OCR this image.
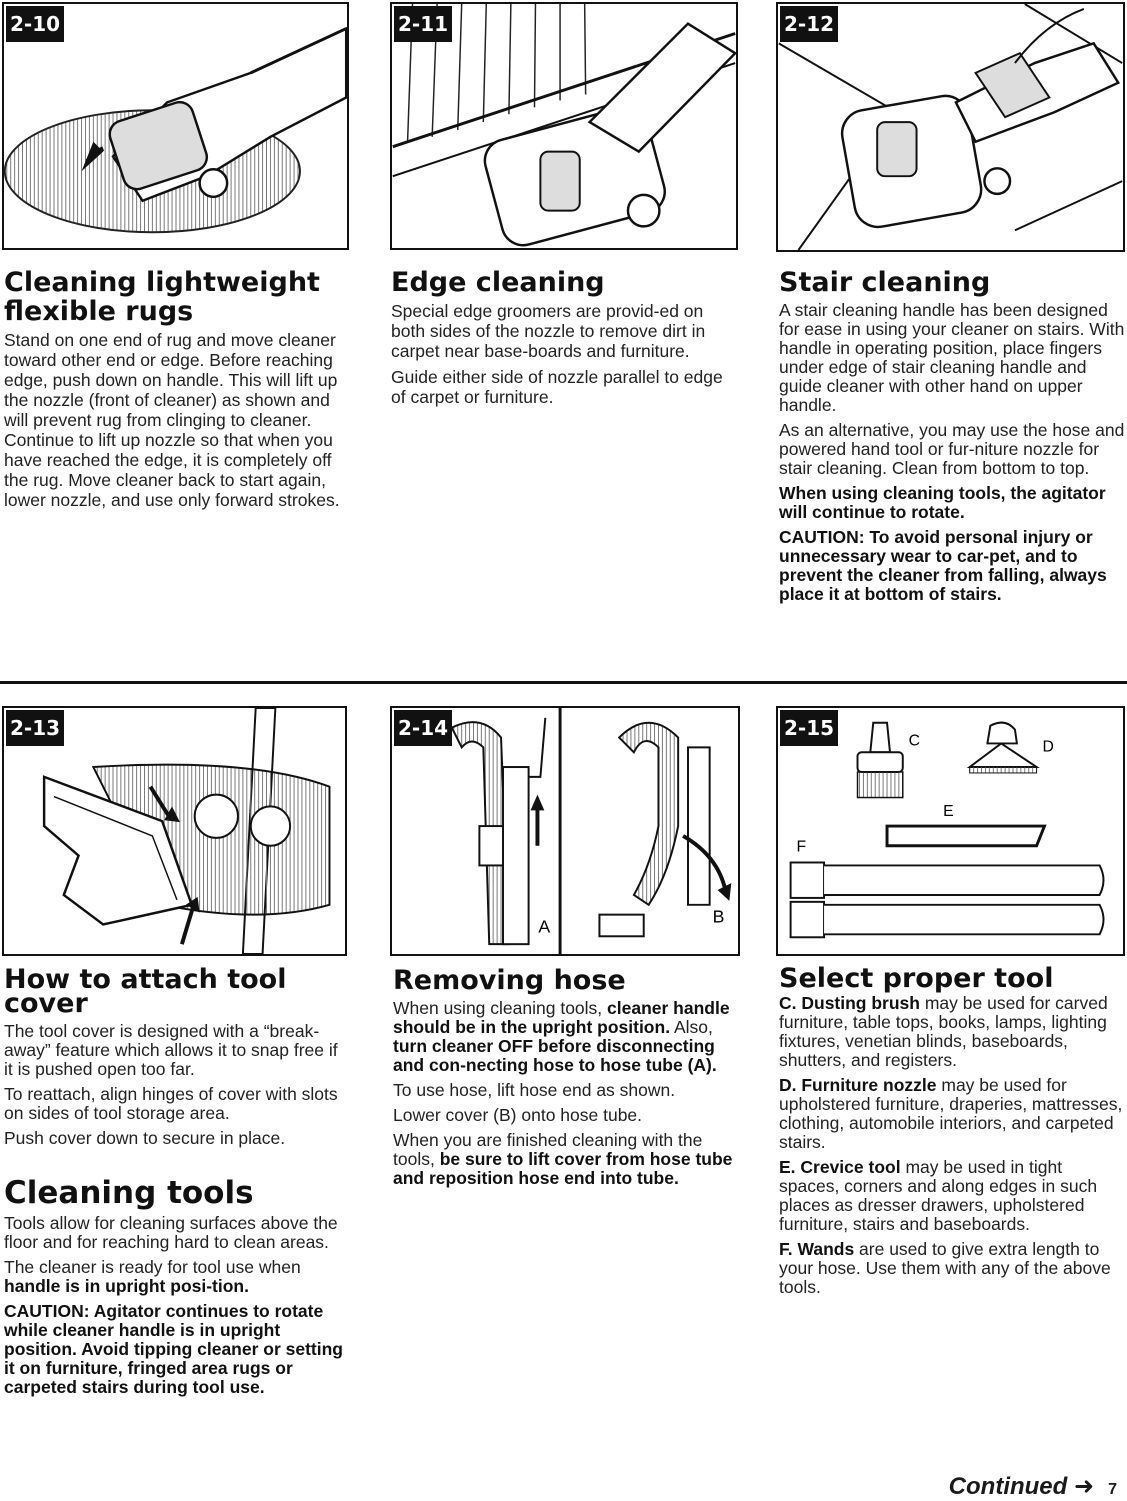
2-10	2-11	2-12
Cleaning lightweight flexible rugs

Stand on one end of rug and move cleaner toward other end or edge. Before reaching edge, push down on handle. This will lift up the nozzle (front of cleaner) as shown and will prevent rug from clinging to cleaner. Continue to lift up nozzle so that when you have reached the edge, it is completely off the rug. Move cleaner back to start again, lower nozzle, and use only forward strokes.

Edge cleaning

Special edge groomers are provid-ed on both sides of the nozzle to remove dirt in carpet near base-boards and furniture.

Guide either side of nozzle parallel to edge of carpet or furniture.

Stair cleaning

A stair cleaning handle has been designed for ease in using your cleaner on stairs. With handle in operating position, place fingers under edge of stair cleaning handle and guide cleaner with other hand on upper handle.

As an alternative, you may use the hose and powered hand tool or fur-niture nozzle for stair cleaning. Clean from bottom to top.

When using cleaning tools, the agitator will continue to rotate.

CAUTION: To avoid personal injury or unnecessary wear to car-pet, and to prevent the cleaner from falling, always place it at bottom of stairs.

2-13	2-14
A	B
2-15
C	D
E
F
How to attach tool cover

The tool cover is designed with a “break-away” feature which allows it to snap free if it is pushed open too far.

To reattach, align hinges of cover with slots on sides of tool storage area.

Push cover down to secure in place.

Cleaning tools

Tools allow for cleaning surfaces above the floor and for reaching hard to clean areas.

The cleaner is ready for tool use when handle is in upright posi-tion.

CAUTION: Agitator continues to rotate while cleaner handle is in upright position. Avoid tipping cleaner or setting it on furniture, fringed area rugs or carpeted stairs during tool use.

Removing hose

When using cleaning tools, cleaner handle should be in the upright position. Also, turn cleaner OFF before disconnecting and con-necting hose to hose tube (A).

To use hose, lift hose end as shown.

Lower cover (B) onto hose tube.

When you are finished cleaning with the tools, be sure to lift cover from hose tube and reposition hose end into tube.

Select proper tool

C. Dusting brush may be used for carved furniture, table tops, books, lamps, lighting fixtures, venetian blinds, baseboards, shutters, and registers.

D. Furniture nozzle may be used for upholstered furniture, draperies, mattresses, clothing, automobile interiors, and carpeted stairs.

E. Crevice tool may be used in tight spaces, corners and along edges in such places as dresser drawers, upholstered furniture, stairs and baseboards.

F. Wands are used to give extra length to your hose. Use them with any of the above tools.

Continued ➜ 7
